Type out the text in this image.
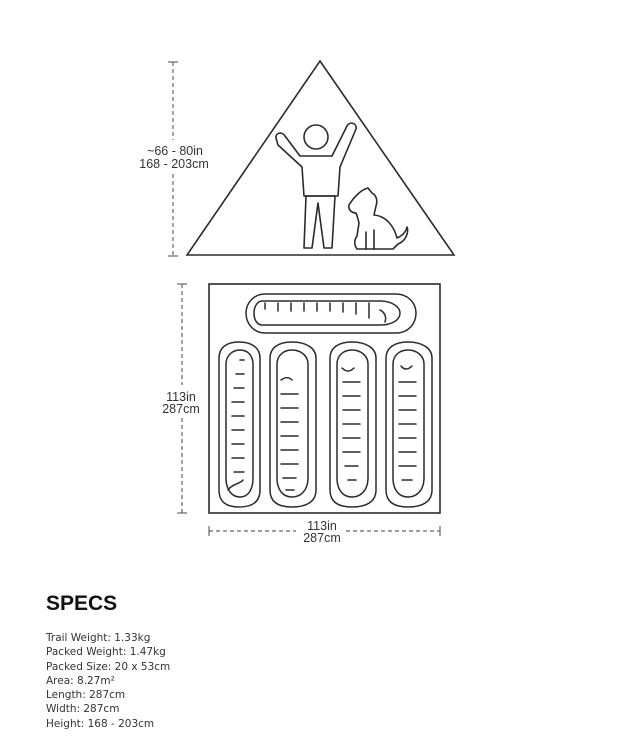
~66 - 80in
168 - 203cm
113in
287cm
113in
287cm
SPECS
Trail Weight: 1.33kg
Packed Weight: 1.47kg
Packed Size: 20 x 53cm
Area: 8.27m²
Length: 287cm
Width: 287cm
Height: 168 - 203cm
